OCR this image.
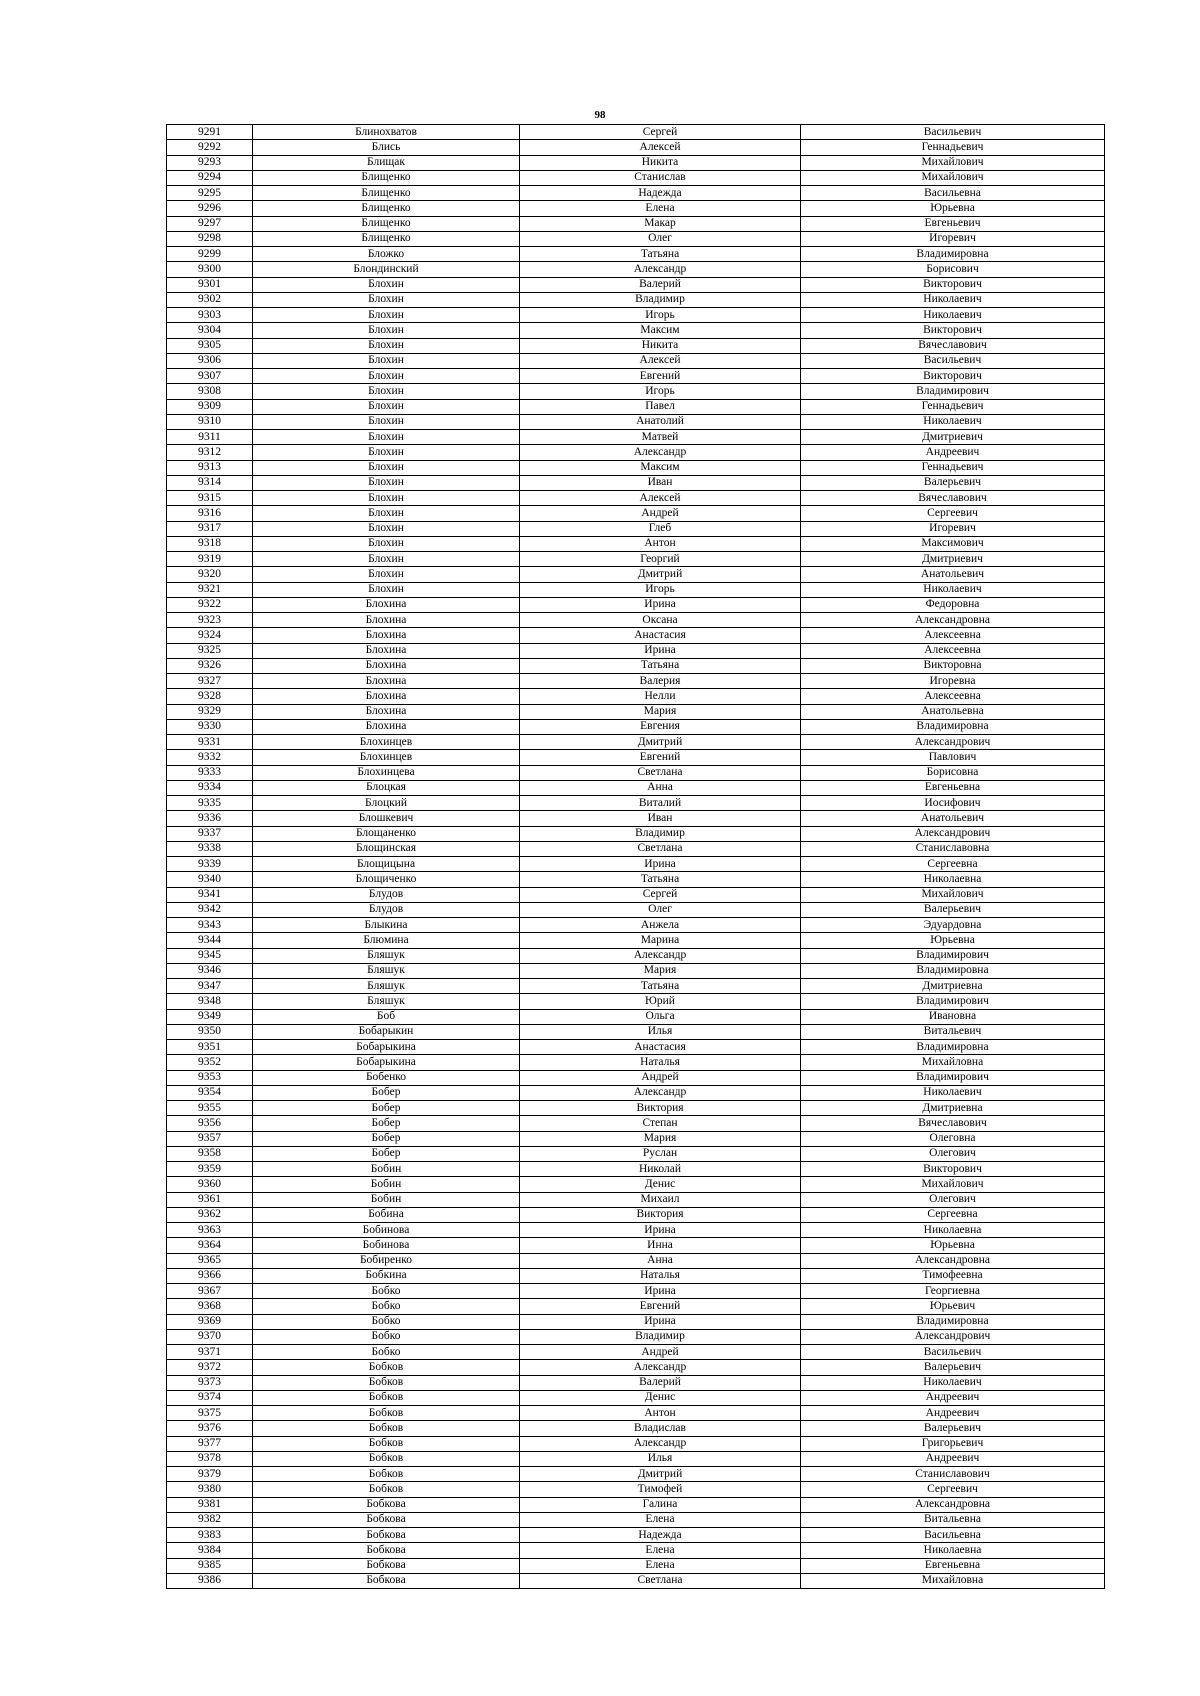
98
9291	Блинохватов	Сергей	Васильевич
9292	Блись	Алексей	Геннадьевич
9293	Блищак	Никита	Михайлович
9294	Блищенко	Станислав	Михайлович
9295	Блищенко	Надежда	Васильевна
9296	Блищенко	Елена	Юрьевна
9297	Блищенко	Макар	Евгеньевич
9298	Блищенко	Олег	Игоревич
9299	Бложко	Татьяна	Владимировна
9300	Блондинский	Александр	Борисович
9301	Блохин	Валерий	Викторович
9302	Блохин	Владимир	Николаевич
9303	Блохин	Игорь	Николаевич
9304	Блохин	Максим	Викторович
9305	Блохин	Никита	Вячеславович
9306	Блохин	Алексей	Васильевич
9307	Блохин	Евгений	Викторович
9308	Блохин	Игорь	Владимирович
9309	Блохин	Павел	Геннадьевич
9310	Блохин	Анатолий	Николаевич
9311	Блохин	Матвей	Дмитриевич
9312	Блохин	Александр	Андреевич
9313	Блохин	Максим	Геннадьевич
9314	Блохин	Иван	Валерьевич
9315	Блохин	Алексей	Вячеславович
9316	Блохин	Андрей	Сергеевич
9317	Блохин	Глеб	Игоревич
9318	Блохин	Антон	Максимович
9319	Блохин	Георгий	Дмитриевич
9320	Блохин	Дмитрий	Анатольевич
9321	Блохин	Игорь	Николаевич
9322	Блохина	Ирина	Федоровна
9323	Блохина	Оксана	Александровна
9324	Блохина	Анастасия	Алексеевна
9325	Блохина	Ирина	Алексеевна
9326	Блохина	Татьяна	Викторовна
9327	Блохина	Валерия	Игоревна
9328	Блохина	Нелли	Алексеевна
9329	Блохина	Мария	Анатольевна
9330	Блохина	Евгения	Владимировна
9331	Блохинцев	Дмитрий	Александрович
9332	Блохинцев	Евгений	Павлович
9333	Блохинцева	Светлана	Борисовна
9334	Блоцкая	Анна	Евгеньевна
9335	Блоцкий	Виталий	Иосифович
9336	Блошкевич	Иван	Анатольевич
9337	Блощаненко	Владимир	Александрович
9338	Блощинская	Светлана	Станиславовна
9339	Блощицына	Ирина	Сергеевна
9340	Блощиченко	Татьяна	Николаевна
9341	Блудов	Сергей	Михайлович
9342	Блудов	Олег	Валерьевич
9343	Блыкина	Анжела	Эдуардовна
9344	Блюмина	Марина	Юрьевна
9345	Бляшук	Александр	Владимирович
9346	Бляшук	Мария	Владимировна
9347	Бляшук	Татьяна	Дмитриевна
9348	Бляшук	Юрий	Владимирович
9349	Боб	Ольга	Ивановна
9350	Бобарыкин	Илья	Витальевич
9351	Бобарыкина	Анастасия	Владимировна
9352	Бобарыкина	Наталья	Михайловна
9353	Бобенко	Андрей	Владимирович
9354	Бобер	Александр	Николаевич
9355	Бобер	Виктория	Дмитриевна
9356	Бобер	Степан	Вячеславович
9357	Бобер	Мария	Олеговна
9358	Бобер	Руслан	Олегович
9359	Бобин	Николай	Викторович
9360	Бобин	Денис	Михайлович
9361	Бобин	Михаил	Олегович
9362	Бобина	Виктория	Сергеевна
9363	Бобинова	Ирина	Николаевна
9364	Бобинова	Инна	Юрьевна
9365	Бобиренко	Анна	Александровна
9366	Бобкина	Наталья	Тимофеевна
9367	Бобко	Ирина	Георгиевна
9368	Бобко	Евгений	Юрьевич
9369	Бобко	Ирина	Владимировна
9370	Бобко	Владимир	Александрович
9371	Бобко	Андрей	Васильевич
9372	Бобков	Александр	Валерьевич
9373	Бобков	Валерий	Николаевич
9374	Бобков	Денис	Андреевич
9375	Бобков	Антон	Андреевич
9376	Бобков	Владислав	Валерьевич
9377	Бобков	Александр	Григорьевич
9378	Бобков	Илья	Андреевич
9379	Бобков	Дмитрий	Станиславович
9380	Бобков	Тимофей	Сергеевич
9381	Бобкова	Галина	Александровна
9382	Бобкова	Елена	Витальевна
9383	Бобкова	Надежда	Васильевна
9384	Бобкова	Елена	Николаевна
9385	Бобкова	Елена	Евгеньевна
9386	Бобкова	Светлана	Михайловна
